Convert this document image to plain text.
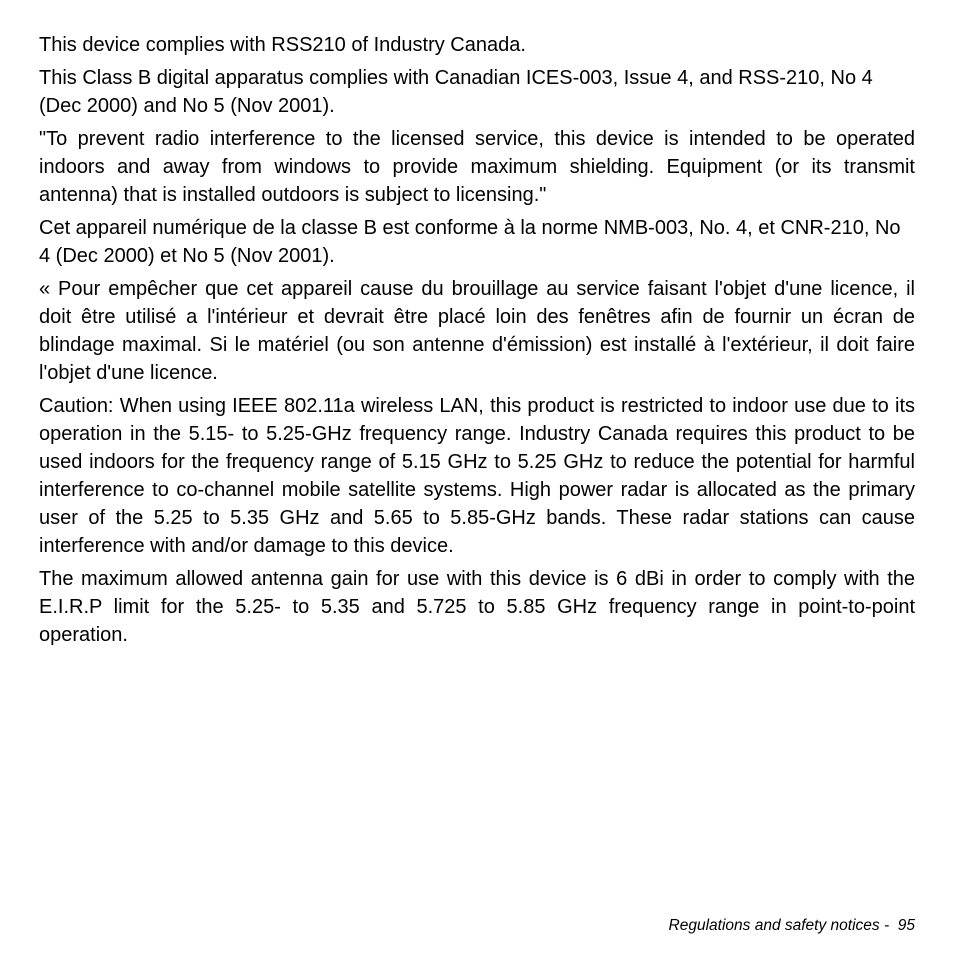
This device complies with RSS210 of Industry Canada.

This Class B digital apparatus complies with Canadian ICES-003, Issue 4, and RSS-210, No 4 (Dec 2000) and No 5 (Nov 2001).

"To prevent radio interference to the licensed service, this device is intended to be operated indoors and away from windows to provide maximum shielding. Equipment (or its transmit antenna) that is installed outdoors is subject to licensing."

Cet appareil numérique de la classe B est conforme à la norme NMB-003, No. 4, et CNR-210, No 4 (Dec 2000) et No 5 (Nov 2001).

« Pour empêcher que cet appareil cause du brouillage au service faisant l'objet d'une licence, il doit être utilisé a l'intérieur et devrait être placé loin des fenêtres afin de fournir un écran de blindage maximal. Si le matériel (ou son antenne d'émission) est installé à l'extérieur, il doit faire l'objet d'une licence.

Caution: When using IEEE 802.11a wireless LAN, this product is restricted to indoor use due to its operation in the 5.15- to 5.25-GHz frequency range. Industry Canada requires this product to be used indoors for the frequency range of 5.15 GHz to 5.25 GHz to reduce the potential for harmful interference to co-channel mobile satellite systems. High power radar is allocated as the primary user of the 5.25 to 5.35 GHz and 5.65 to 5.85-GHz bands. These radar stations can cause interference with and/or damage to this device.

The maximum allowed antenna gain for use with this device is 6 dBi in order to comply with the E.I.R.P limit for the 5.25- to 5.35 and 5.725 to 5.85 GHz frequency range in point-to-point operation.

Regulations and safety notices - 95
